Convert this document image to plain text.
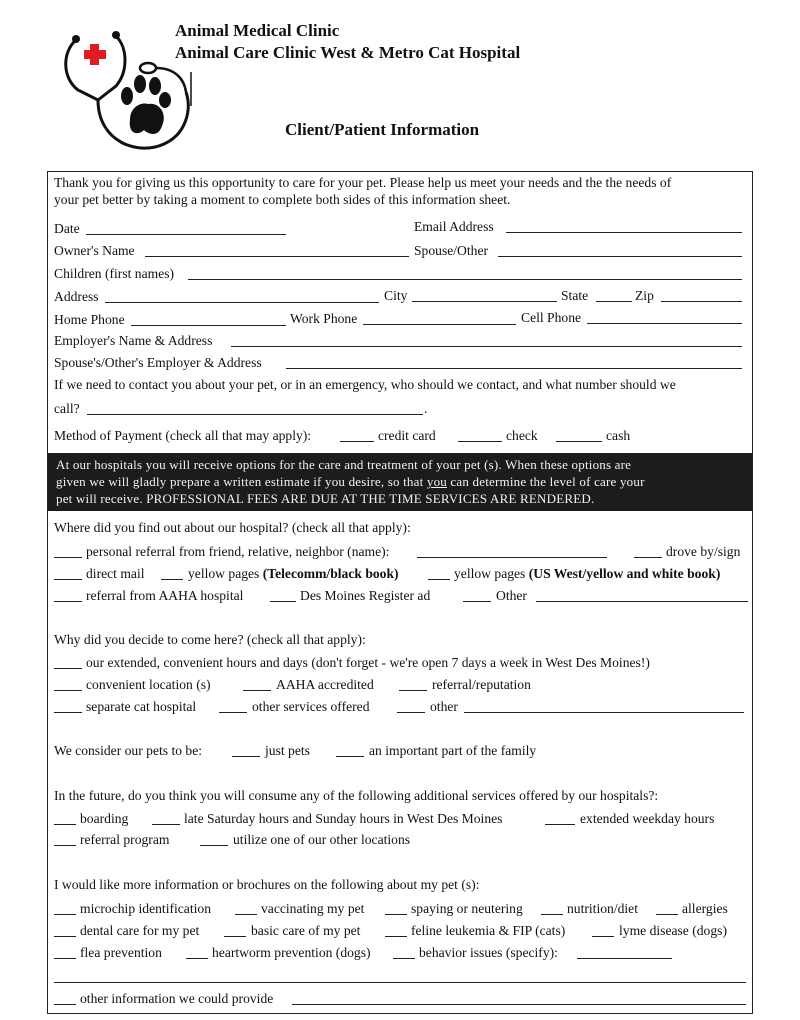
Animal Medical Clinic
Animal Care Clinic West & Metro Cat Hospital
Client/Patient Information
Thank you for giving us this opportunity to care for your pet. Please help us meet your needs and the the needs of
your pet better by taking a moment to complete both sides of this information sheet.
Date	Email Address
Owner's Name	Spouse/Other
Children (first names)
Address	City	State	Zip
Home Phone	Work Phone	Cell Phone
Employer's Name & Address
Spouse's/Other's Employer & Address
If we need to contact you about your pet, or in an emergency, who should we contact, and what number should we
call?	.
Method of Payment (check all that may apply):	credit card	check	cash
At our hospitals you will receive options for the care and treatment of your pet (s). When these options are
given we will gladly prepare a written estimate if you desire, so that you can determine the level of care your
pet will receive. PROFESSIONAL FEES ARE DUE AT THE TIME SERVICES ARE RENDERED.
Where did you find out about our hospital? (check all that apply):
personal referral from friend, relative, neighbor (name):	drove by/sign
direct mail	yellow pages (Telecomm/black book)	yellow pages (US West/yellow and white book)
referral from AAHA hospital	Des Moines Register ad	Other
Why did you decide to come here? (check all that apply):
our extended, convenient hours and days (don't forget - we're open 7 days a week in West Des Moines!)
convenient location (s)	AAHA accredited	referral/reputation
separate cat hospital	other services offered	other
We consider our pets to be:	just pets	an important part of the family
In the future, do you think you will consume any of the following additional services offered by our hospitals?:
boarding	late Saturday hours and Sunday hours in West Des Moines	extended weekday hours
referral program	utilize one of our other locations
I would like more information or brochures on the following about my pet (s):
microchip identification	vaccinating my pet	spaying or neutering	nutrition/diet	allergies
dental care for my pet	basic care of my pet	feline leukemia & FIP (cats)	lyme disease (dogs)
flea prevention	heartworm prevention (dogs)	behavior issues (specify):
other information we could provide
